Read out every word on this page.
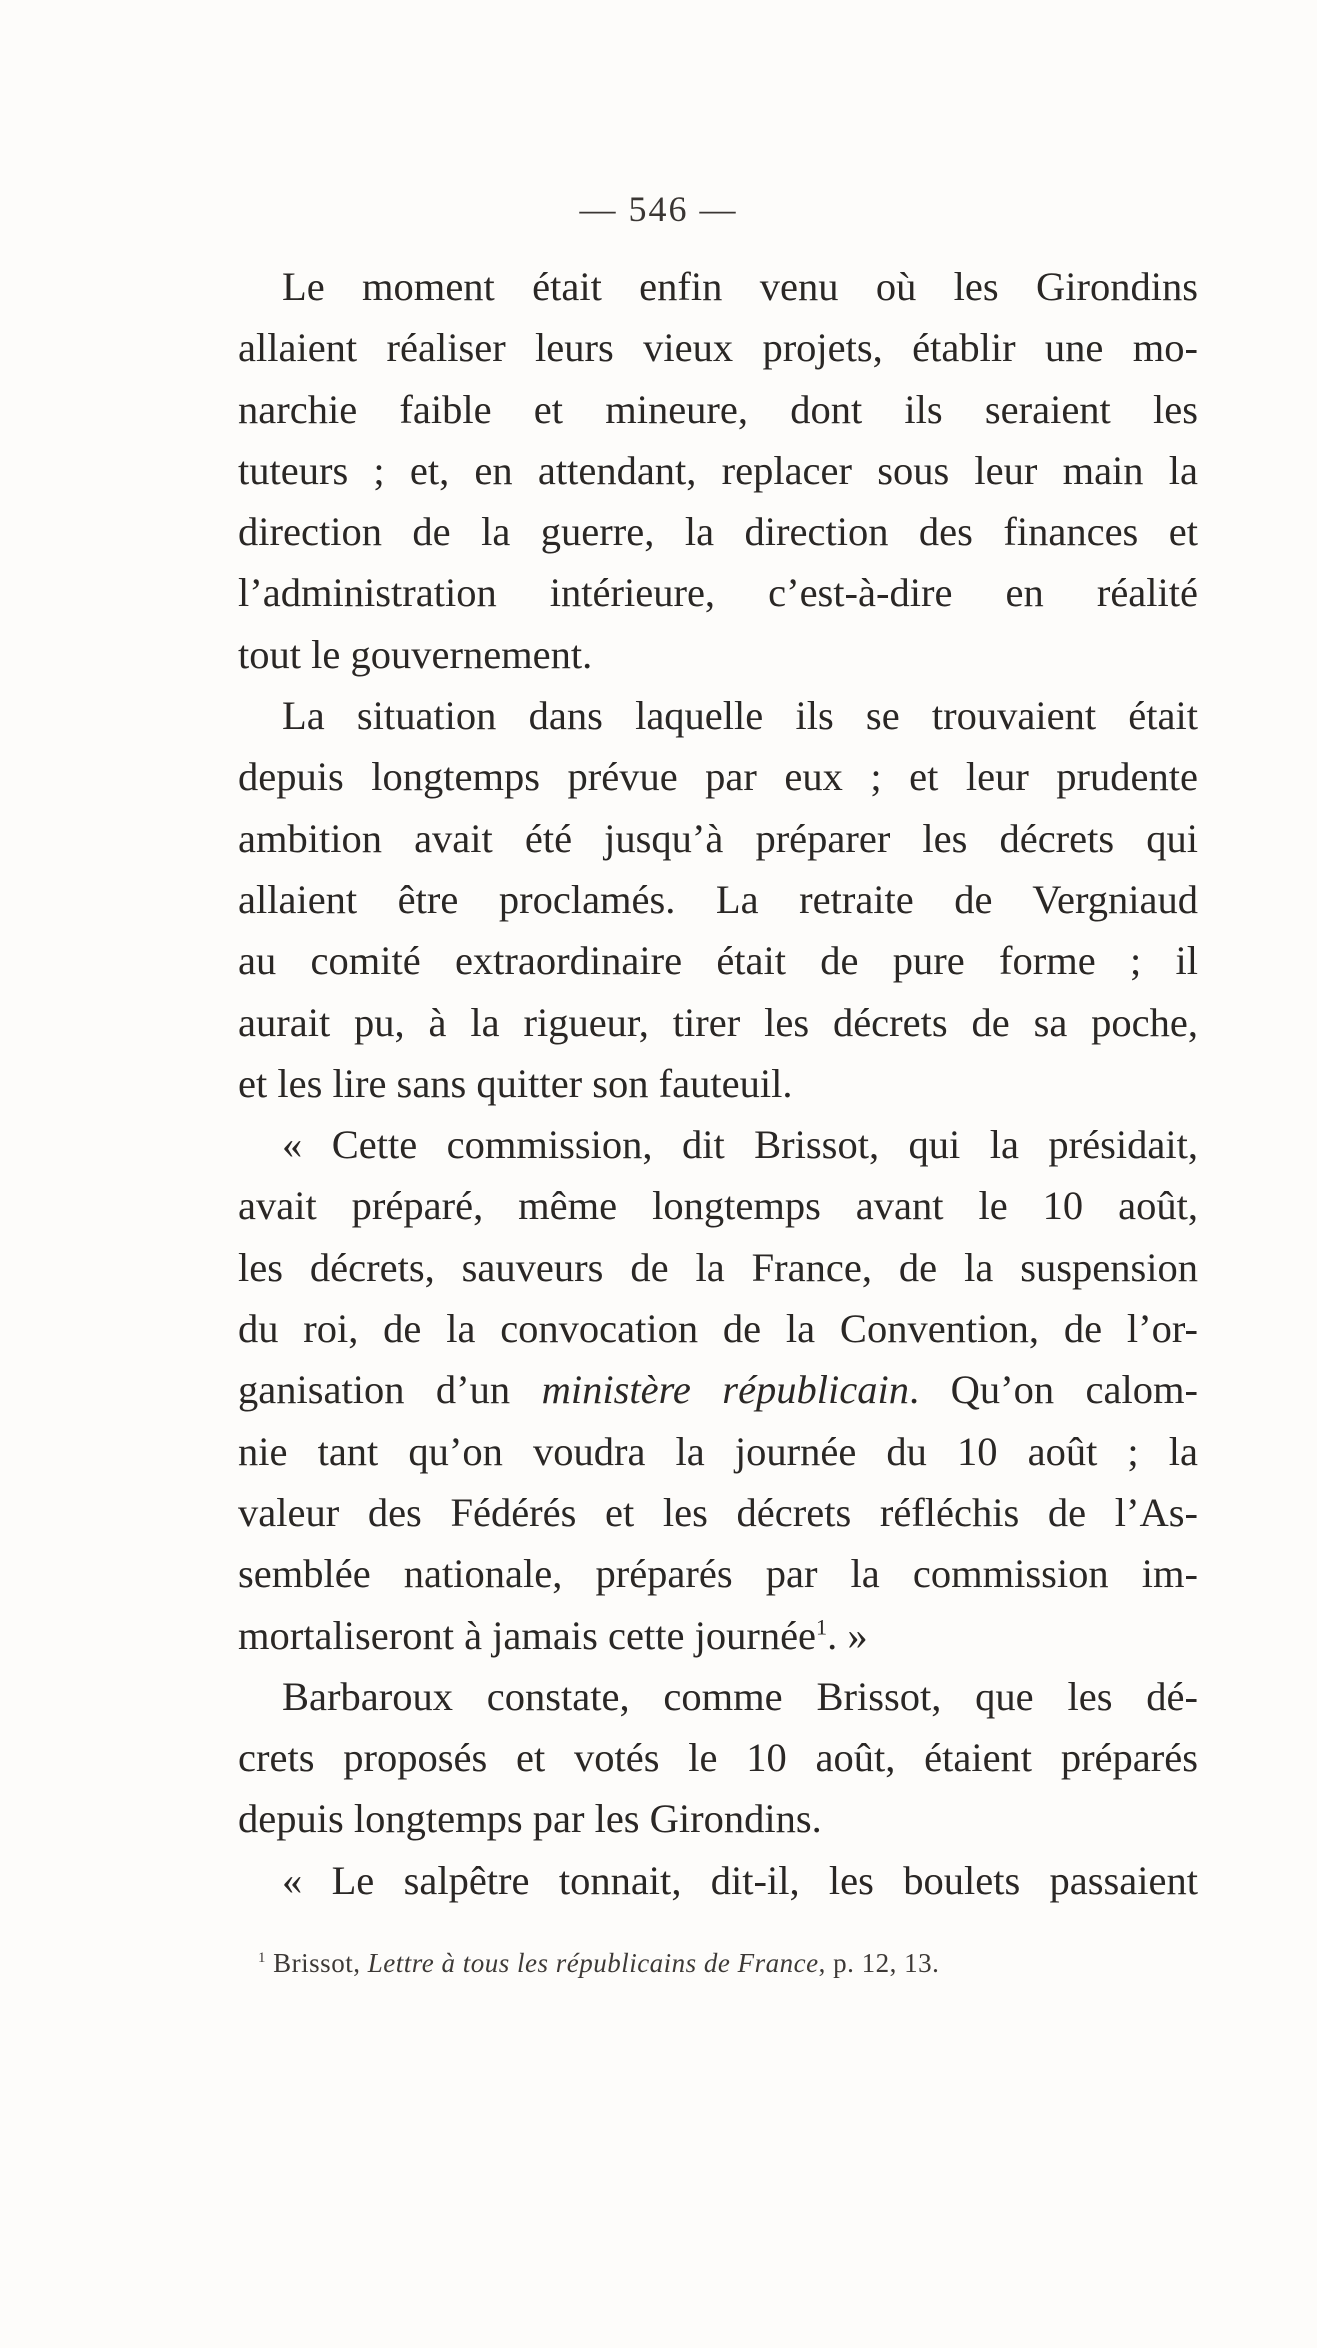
— 546 —
Le moment était enfin venu où les Girondins
allaient réaliser leurs vieux projets, établir une mo-
narchie faible et mineure, dont ils seraient les
tuteurs ; et, en attendant, replacer sous leur main la
direction de la guerre, la direction des finances et
l’administration intérieure, c’est-à-dire en réalité
tout le gouvernement.
La situation dans laquelle ils se trouvaient était
depuis longtemps prévue par eux ; et leur prudente
ambition avait été jusqu’à préparer les décrets qui
allaient être proclamés. La retraite de Vergniaud
au comité extraordinaire était de pure forme ; il
aurait pu, à la rigueur, tirer les décrets de sa poche,
et les lire sans quitter son fauteuil.
« Cette commission, dit Brissot, qui la présidait,
avait préparé, même longtemps avant le 10 août,
les décrets, sauveurs de la France, de la suspension
du roi, de la convocation de la Convention, de l’or-
ganisation d’un ministère républicain. Qu’on calom-
nie tant qu’on voudra la journée du 10 août ; la
valeur des Fédérés et les décrets réfléchis de l’As-
semblée nationale, préparés par la commission im-
mortaliseront à jamais cette journée$^1$. »
Barbaroux constate, comme Brissot, que les dé-
crets proposés et votés le 10 août, étaient préparés
depuis longtemps par les Girondins.
« Le salpêtre tonnait, dit-il, les boulets passaient
$^1$ Brissot, Lettre à tous les républicains de France, p. 12, 13.
